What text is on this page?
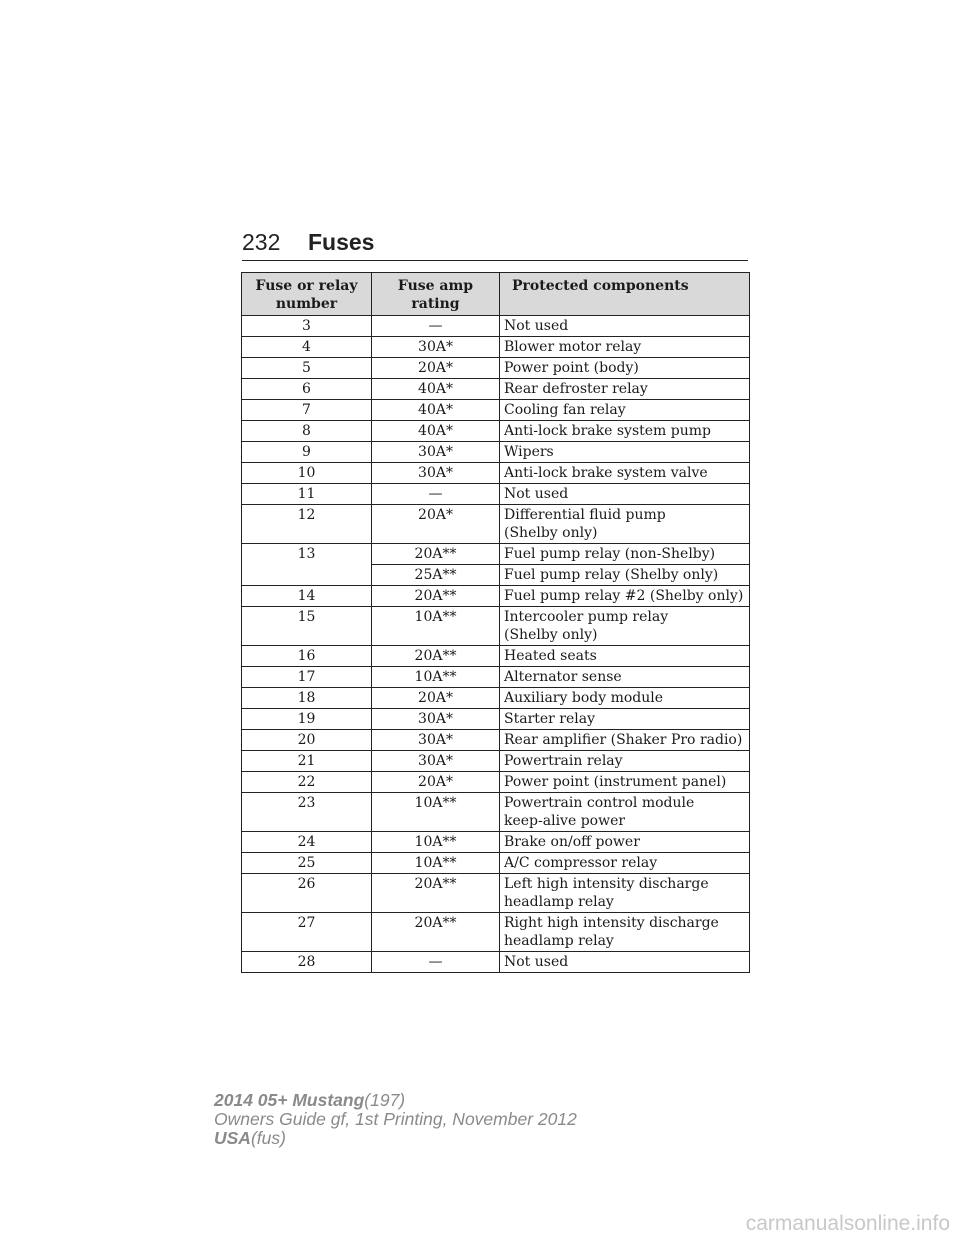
232 Fuses
Fuse or relay number	Fuse amp rating	Protected components
3	—	Not used
4	30A*	Blower motor relay
5	20A*	Power point (body)
6	40A*	Rear defroster relay
7	40A*	Cooling fan relay
8	40A*	Anti-lock brake system pump
9	30A*	Wipers
10	30A*	Anti-lock brake system valve
11	—	Not used
12	20A*	Differential fluid pump
(Shelby only)
13	20A**	Fuel pump relay (non-Shelby)
	25A**	Fuel pump relay (Shelby only)
14	20A**	Fuel pump relay #2 (Shelby only)
15	10A**	Intercooler pump relay
(Shelby only)
16	20A**	Heated seats
17	10A**	Alternator sense
18	20A*	Auxiliary body module
19	30A*	Starter relay
20	30A*	Rear amplifier (Shaker Pro radio)
21	30A*	Powertrain relay
22	20A*	Power point (instrument panel)
23	10A**	Powertrain control module
keep-alive power
24	10A**	Brake on/off power
25	10A**	A/C compressor relay
26	20A**	Left high intensity discharge
headlamp relay
27	20A**	Right high intensity discharge
headlamp relay
28	—	Not used
2014 05+ Mustang(197)
Owners Guide gf, 1st Printing, November 2012
USA(fus)
carmanualsonline.info
